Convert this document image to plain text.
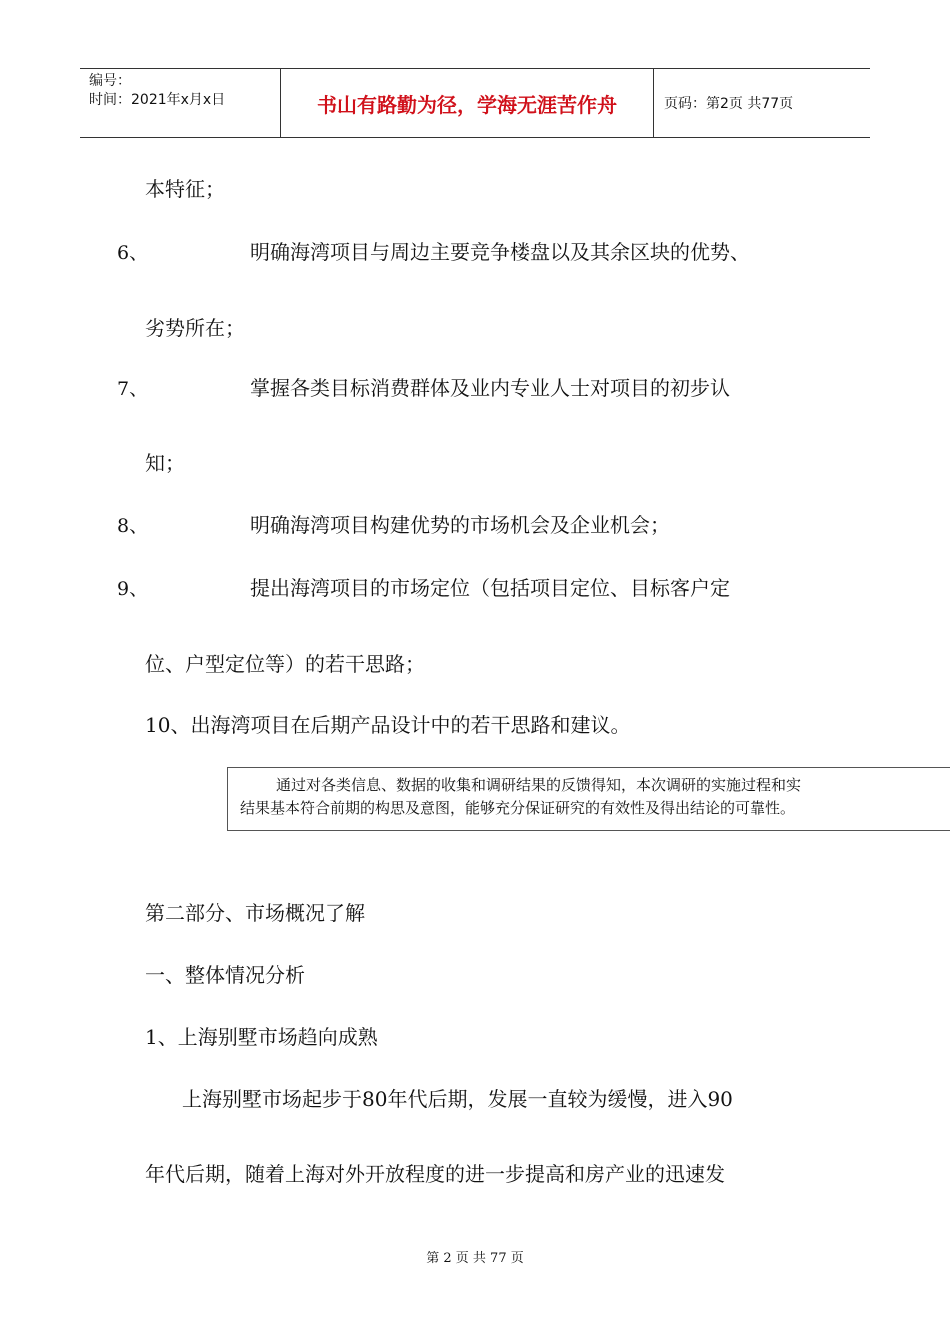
编号：
时间：2021年x月x日	书山有路勤为径，学海无涯苦作舟	页码：第2页 共77页
本特征；
6、	明确海湾项目与周边主要竞争楼盘以及其余区块的优势、
劣势所在；
7、	掌握各类目标消费群体及业内专业人士对项目的初步认
知；
8、	明确海湾项目构建优势的市场机会及企业机会；
9、	提出海湾项目的市场定位（包括项目定位、目标客户定
位、户型定位等）的若干思路；
10、出海湾项目在后期产品设计中的若干思路和建议。

通过对各类信息、数据的收集和调研结果的反馈得知，本次调研的实施过程和实

结果基本符合前期的构思及意图，能够充分保证研究的有效性及得出结论的可靠性。

第二部分、市场概况了解
一、整体情况分析
1、上海别墅市场趋向成熟
上海别墅市场起步于80年代后期，发展一直较为缓慢，进入90
年代后期，随着上海对外开放程度的进一步提高和房产业的迅速发
第 2 页 共 77 页
